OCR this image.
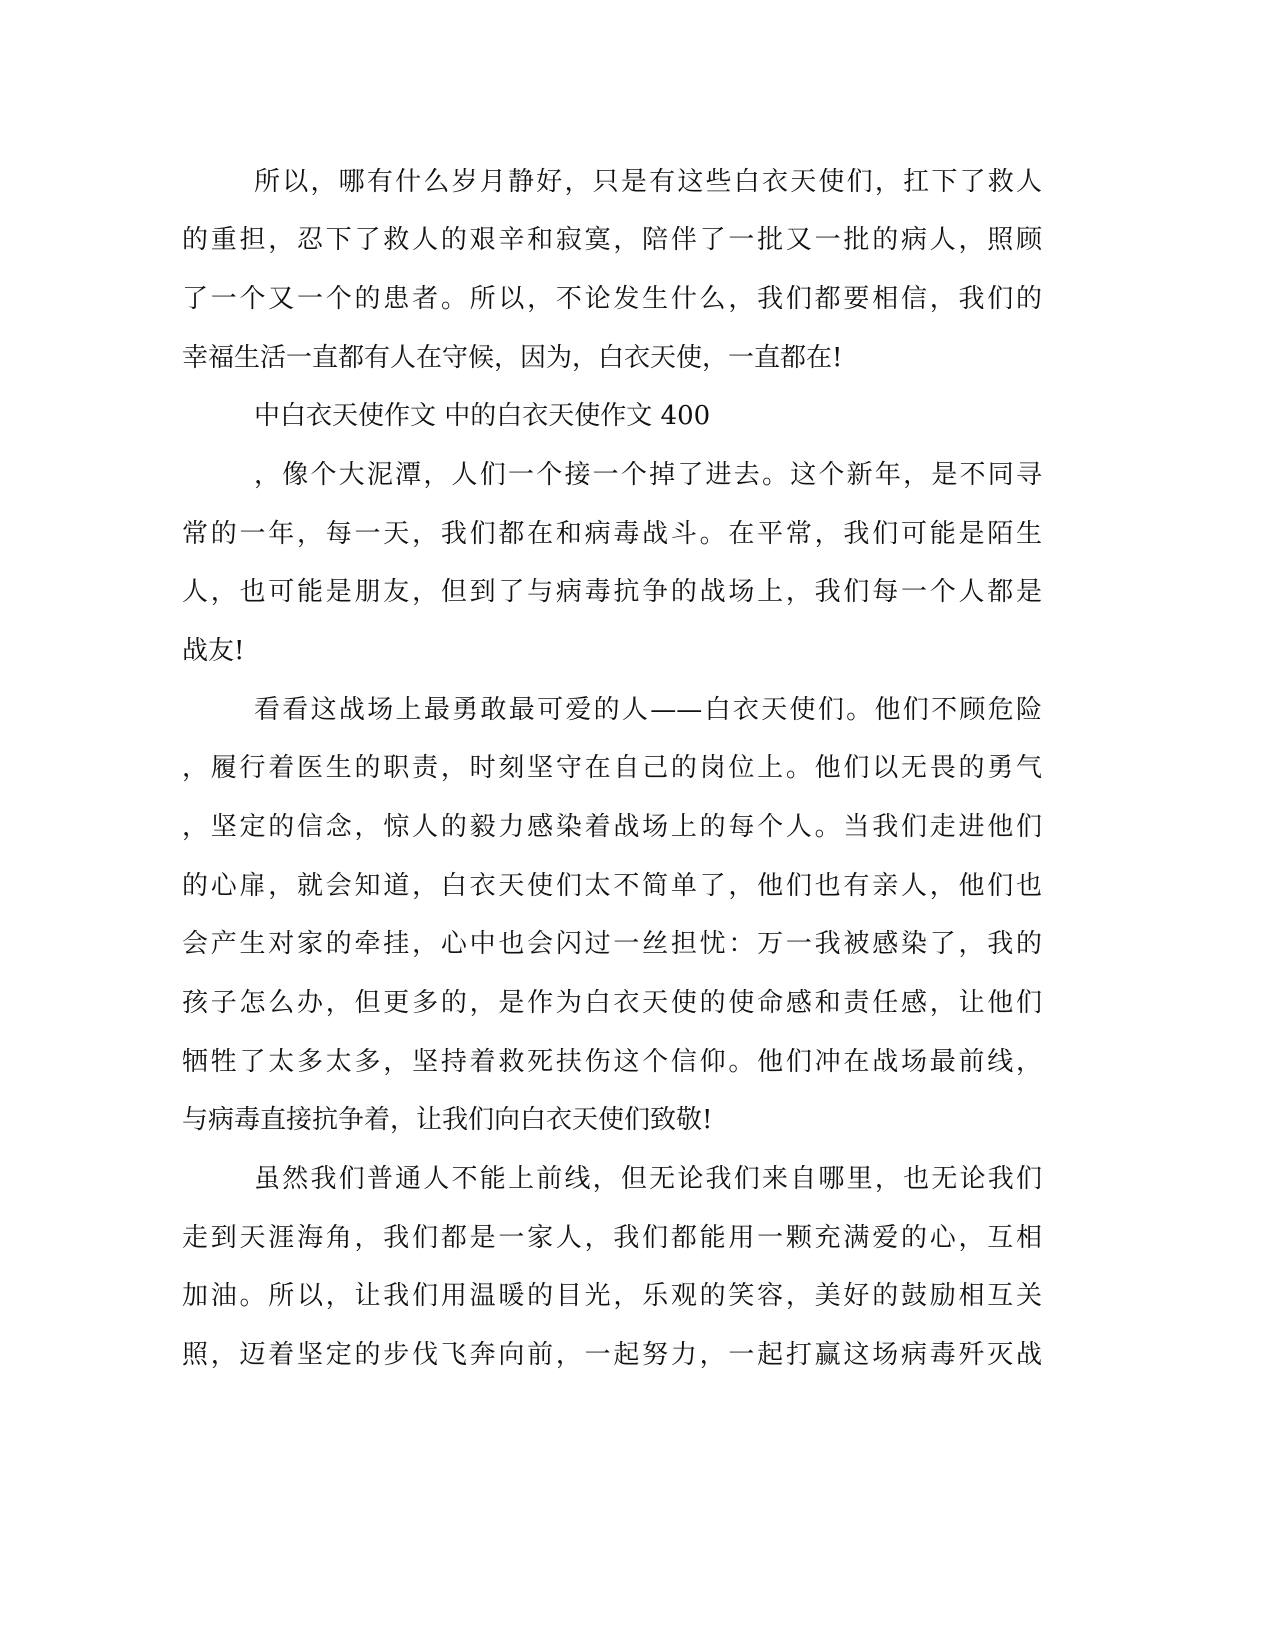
所以，哪有什么岁月静好，只是有这些白衣天使们，扛下了救人

的重担，忍下了救人的艰辛和寂寞，陪伴了一批又一批的病人，照顾

了一个又一个的患者。所以，不论发生什么，我们都要相信，我们的

幸福生活一直都有人在守候，因为，白衣天使，一直都在!

中白衣天使作文 中的白衣天使作文 400

，像个大泥潭，人们一个接一个掉了进去。这个新年，是不同寻

常的一年，每一天，我们都在和病毒战斗。在平常，我们可能是陌生

人，也可能是朋友，但到了与病毒抗争的战场上，我们每一个人都是

战友!

看看这战场上最勇敢最可爱的人——白衣天使们。他们不顾危险

，履行着医生的职责，时刻坚守在自己的岗位上。他们以无畏的勇气

，坚定的信念，惊人的毅力感染着战场上的每个人。当我们走进他们

的心扉，就会知道，白衣天使们太不简单了，他们也有亲人，他们也

会产生对家的牵挂，心中也会闪过一丝担忧：万一我被感染了，我的

孩子怎么办，但更多的，是作为白衣天使的使命感和责任感，让他们

牺牲了太多太多，坚持着救死扶伤这个信仰。他们冲在战场最前线，

与病毒直接抗争着，让我们向白衣天使们致敬!

虽然我们普通人不能上前线，但无论我们来自哪里，也无论我们

走到天涯海角，我们都是一家人，我们都能用一颗充满爱的心，互相

加油。所以，让我们用温暖的目光，乐观的笑容，美好的鼓励相互关

照，迈着坚定的步伐飞奔向前，一起努力，一起打赢这场病毒歼灭战
